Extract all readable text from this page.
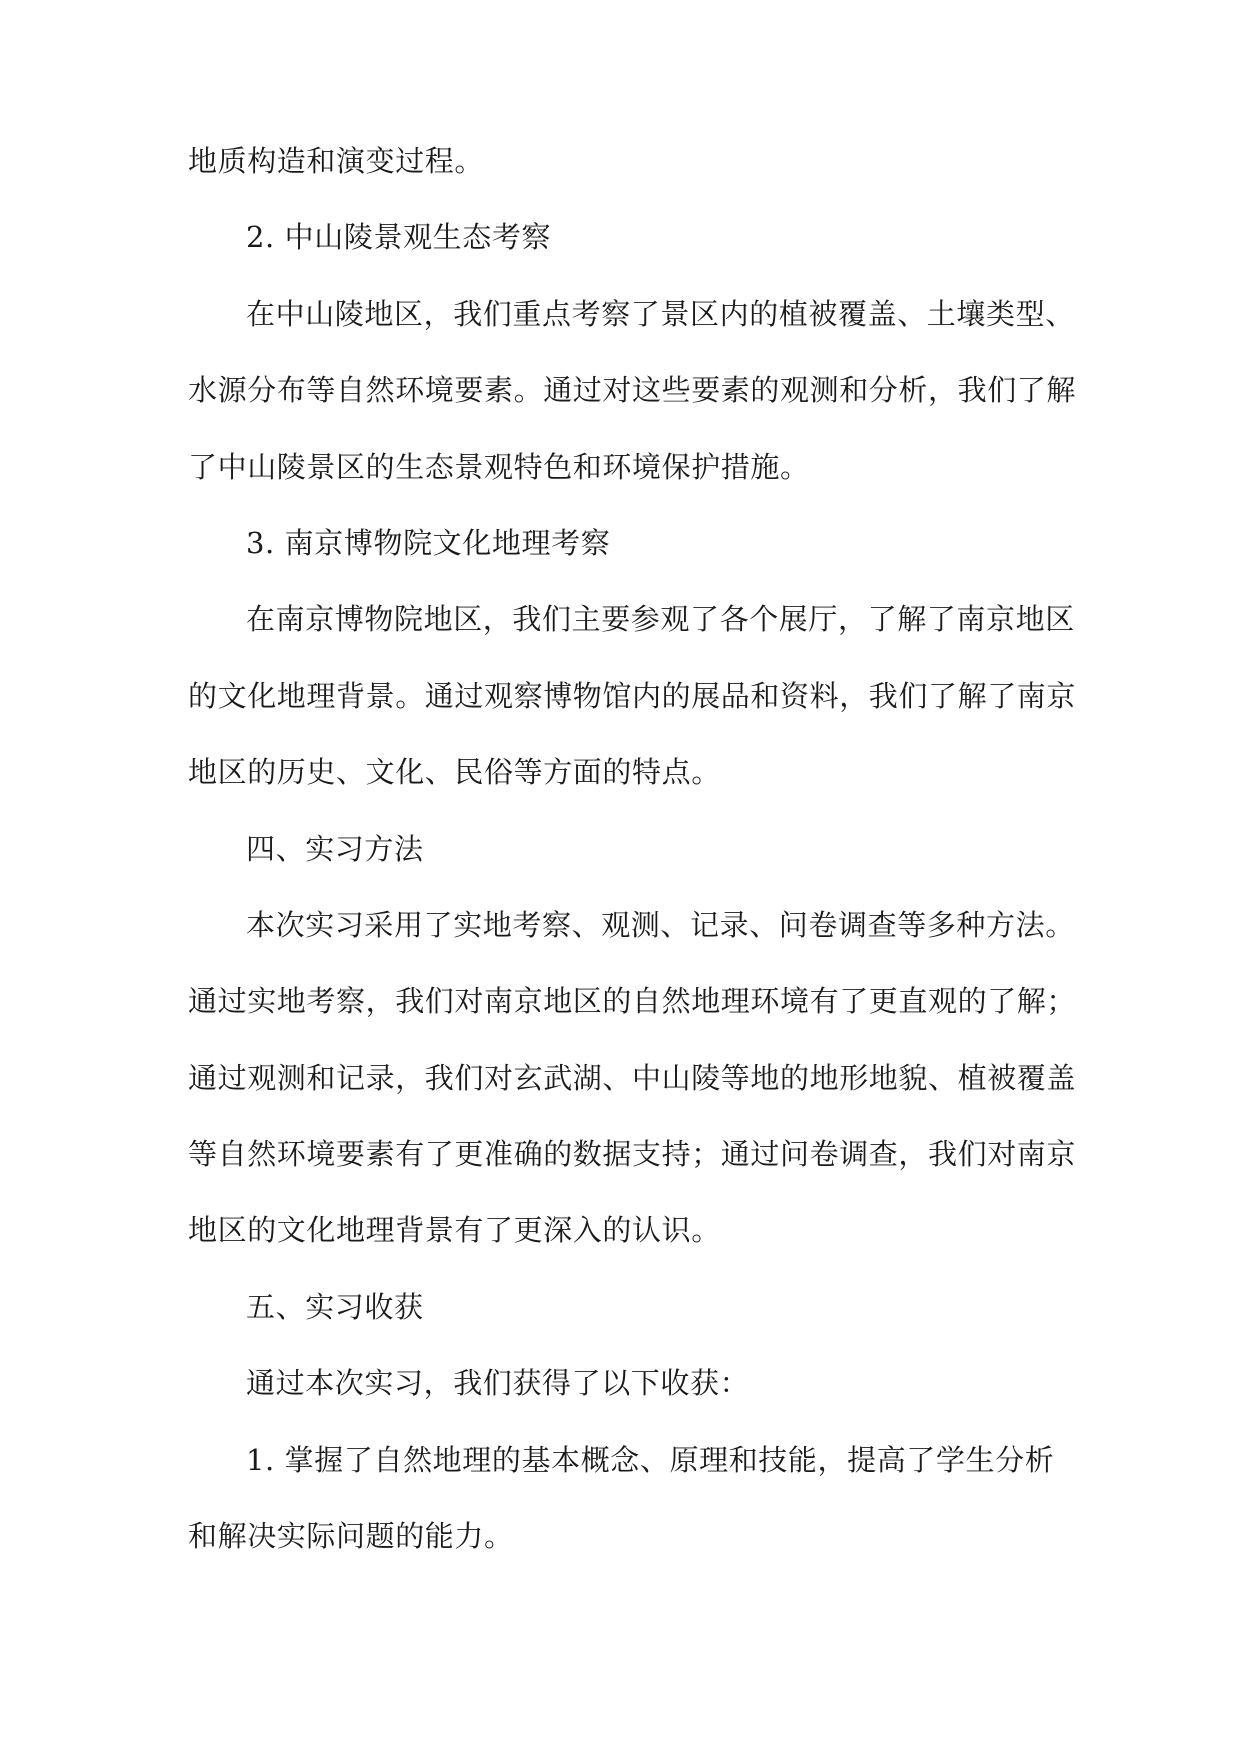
地质构造和演变过程。
2. 中山陵景观生态考察
在中山陵地区，我们重点考察了景区内的植被覆盖、土壤类型、
水源分布等自然环境要素。通过对这些要素的观测和分析，我们了解
了中山陵景区的生态景观特色和环境保护措施。
3. 南京博物院文化地理考察
在南京博物院地区，我们主要参观了各个展厅，了解了南京地区
的文化地理背景。通过观察博物馆内的展品和资料，我们了解了南京
地区的历史、文化、民俗等方面的特点。
四、实习方法
本次实习采用了实地考察、观测、记录、问卷调查等多种方法。
通过实地考察，我们对南京地区的自然地理环境有了更直观的了解；
通过观测和记录，我们对玄武湖、中山陵等地的地形地貌、植被覆盖
等自然环境要素有了更准确的数据支持；通过问卷调查，我们对南京
地区的文化地理背景有了更深入的认识。
五、实习收获
通过本次实习，我们获得了以下收获：
1. 掌握了自然地理的基本概念、原理和技能，提高了学生分析
和解决实际问题的能力。
